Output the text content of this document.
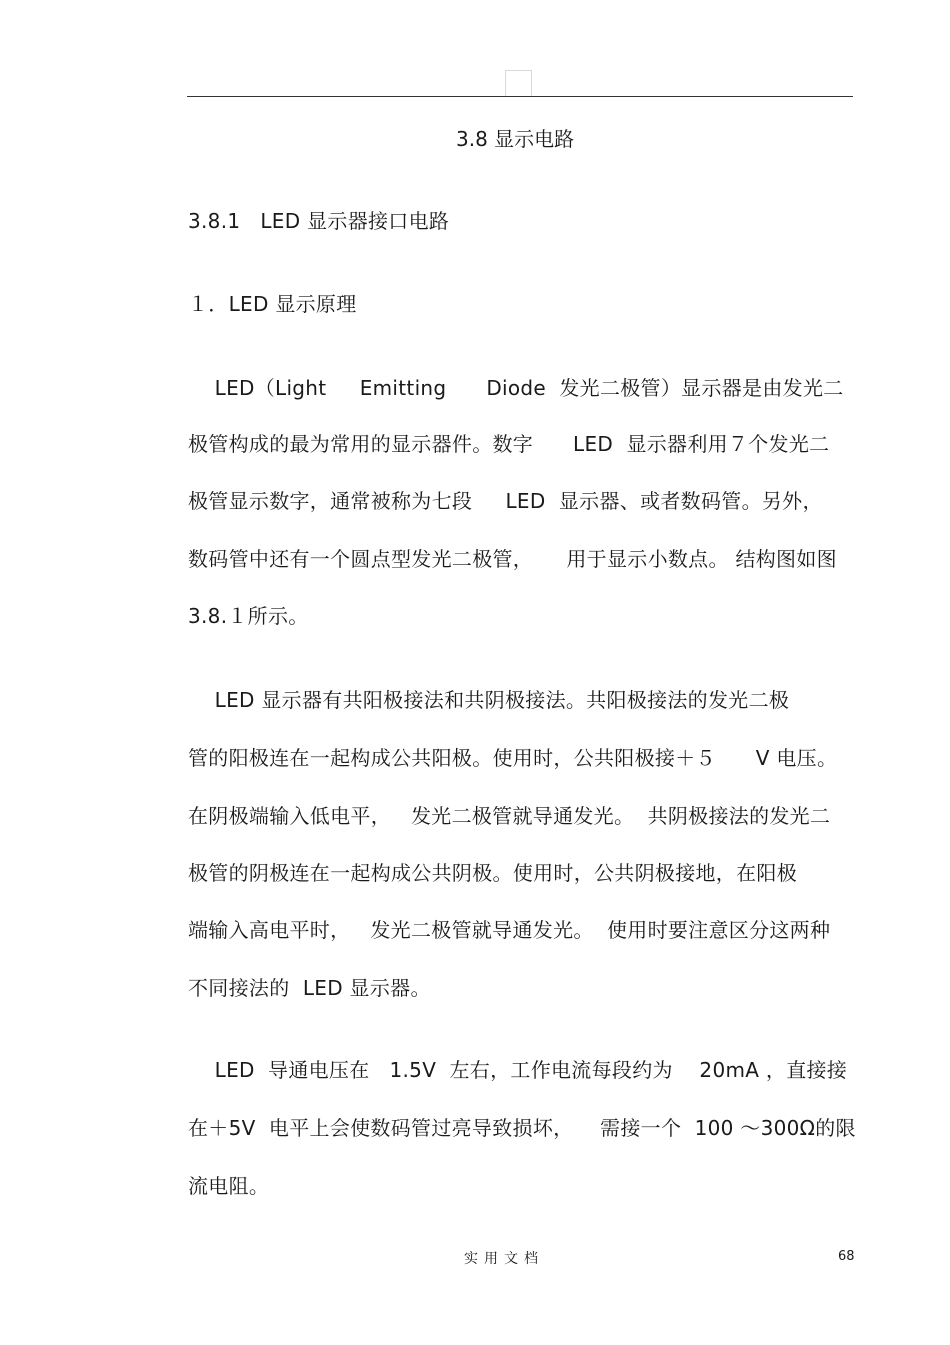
3.8 显示电路
3.8.1   LED 显示器接口电路
１．LED 显示原理
LED（Light     Emitting      Diode  发光二极管）显示器是由发光二
极管构成的最为常用的显示器件。数字      LED  显示器利用７个发光二
极管显示数字，通常被称为七段     LED  显示器、或者数码管。另外，
数码管中还有一个圆点型发光二极管，     用于显示小数点。 结构图如图
3.8.１所示。
LED 显示器有共阳极接法和共阴极接法。共阳极接法的发光二极
管的阳极连在一起构成公共阳极。使用时，公共阳极接＋５      V 电压。
在阴极端输入低电平，   发光二极管就导通发光。  共阴极接法的发光二
极管的阴极连在一起构成公共阴极。使用时，公共阴极接地，在阳极
端输入高电平时，   发光二极管就导通发光。  使用时要注意区分这两种
不同接法的  LED 显示器。
LED  导通电压在   1.5V  左右，工作电流每段约为    20mA ，直接接
在＋5V  电平上会使数码管过亮导致损坏，    需接一个  100 ～300Ω的限
流电阻。
实用文档	68
